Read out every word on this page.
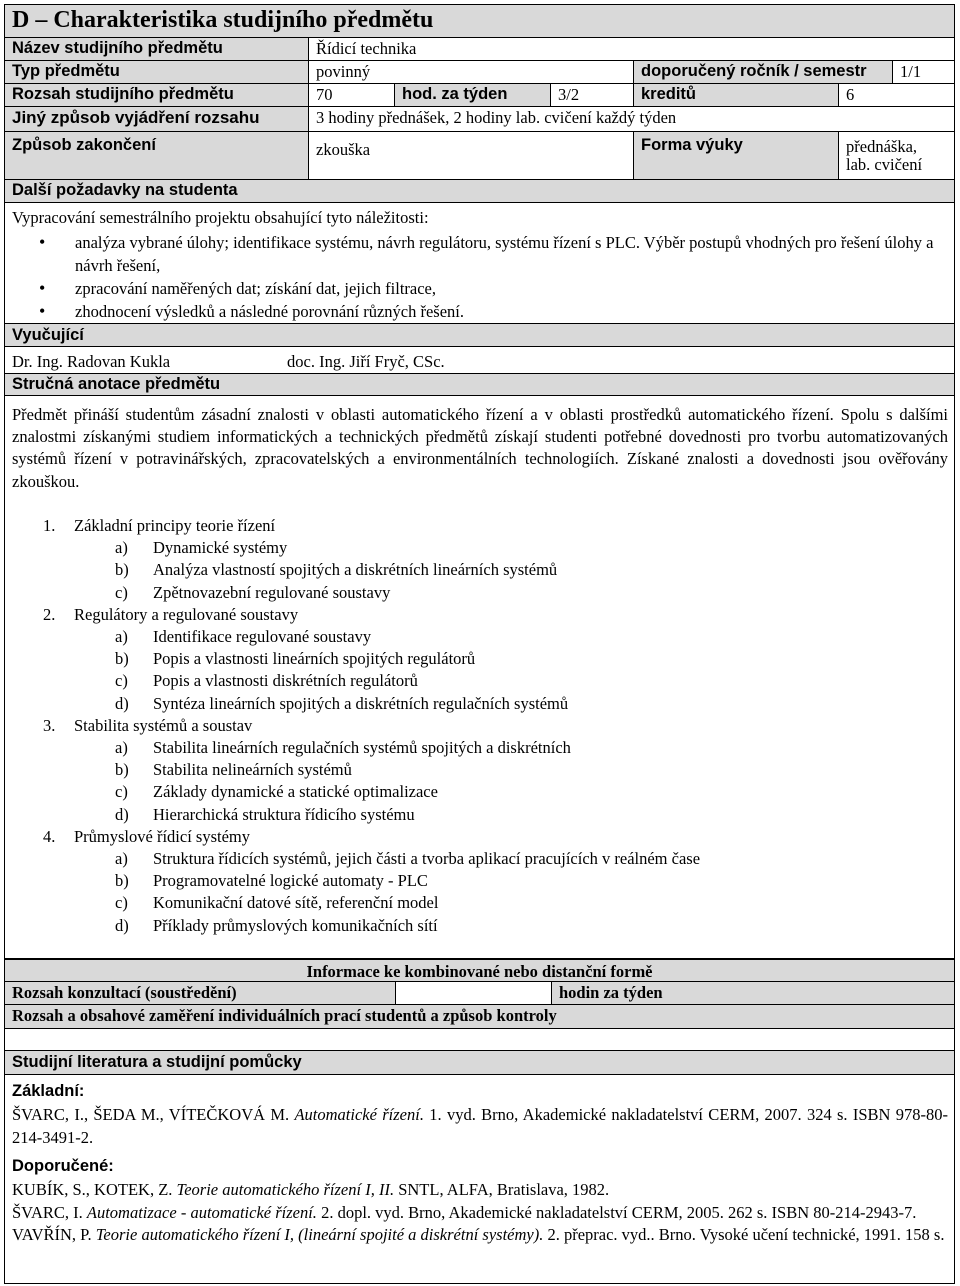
D – Charakteristika studijního předmětu
Název studijního předmětu	Řídicí technika
Typ předmětu	povinný	doporučený ročník / semestr	1/1
Rozsah studijního předmětu	70	hod. za týden	3/2	kreditů	6
Jiný způsob vyjádření rozsahu	3 hodiny přednášek, 2 hodiny lab. cvičení každý týden
Způsob zakončení	zkouška	Forma výuky	přednáška,
lab. cvičení
Další požadavky na studenta
Vypracování semestrálního projektu obsahující tyto náležitosti:
• analýza vybrané úlohy; identifikace systému, návrh regulátoru, systému řízení s PLC. Výběr postupů vhodných pro řešení úlohy a návrh řešení,
• zpracování naměřených dat; získání dat, jejich filtrace,
• zhodnocení výsledků a následné porovnání různých řešení.
Vyučující
Dr. Ing. Radovan Kukla	doc. Ing. Jiří Fryč, CSc.
Stručná anotace předmětu
Předmět přináší studentům zásadní znalosti v oblasti automatického řízení a v oblasti prostředků automatického řízení. Spolu s dalšími znalostmi získanými studiem informatických a technických předmětů získají studenti potřebné dovednosti pro tvorbu automatizovaných systémů řízení v potravinářských, zpracovatelských a environmentálních technologiích. Získané znalosti a dovednosti jsou ověřovány zkouškou.
1. Základní principy teorie řízení
a) Dynamické systémy
b) Analýza vlastností spojitých a diskrétních lineárních systémů
c) Zpětnovazební regulované soustavy
2. Regulátory a regulované soustavy
a) Identifikace regulované soustavy
b) Popis a vlastnosti lineárních spojitých regulátorů
c) Popis a vlastnosti diskrétních regulátorů
d) Syntéza lineárních spojitých a diskrétních regulačních systémů
3. Stabilita systémů a soustav
a) Stabilita lineárních regulačních systémů spojitých a diskrétních
b) Stabilita nelineárních systémů
c) Základy dynamické a statické optimalizace
d) Hierarchická struktura řídicího systému
4. Průmyslové řídicí systémy
a) Struktura řídicích systémů, jejich části a tvorba aplikací pracujících v reálném čase
b) Programovatelné logické automaty - PLC
c) Komunikační datové sítě, referenční model
d) Příklady průmyslových komunikačních sítí
Informace ke kombinované nebo distanční formě
Rozsah konzultací (soustředění)	hodin za týden
Rozsah a obsahové zaměření individuálních prací studentů a způsob kontroly
Studijní literatura a studijní pomůcky
Základní:
ŠVARC, I., ŠEDA M., VÍTEČKOVÁ M. Automatické řízení. 1. vyd. Brno, Akademické nakladatelství CERM, 2007. 324 s. ISBN 978-80-214-3491-2.
Doporučené:
KUBÍK, S., KOTEK, Z. Teorie automatického řízení I, II. SNTL, ALFA, Bratislava, 1982.
ŠVARC, I. Automatizace - automatické řízení. 2. dopl. vyd. Brno, Akademické nakladatelství CERM, 2005. 262 s. ISBN 80-214-2943-7.
VAVŘÍN, P. Teorie automatického řízení I, (lineární spojité a diskrétní systémy). 2. přeprac. vyd.. Brno. Vysoké učení technické, 1991. 158 s.
